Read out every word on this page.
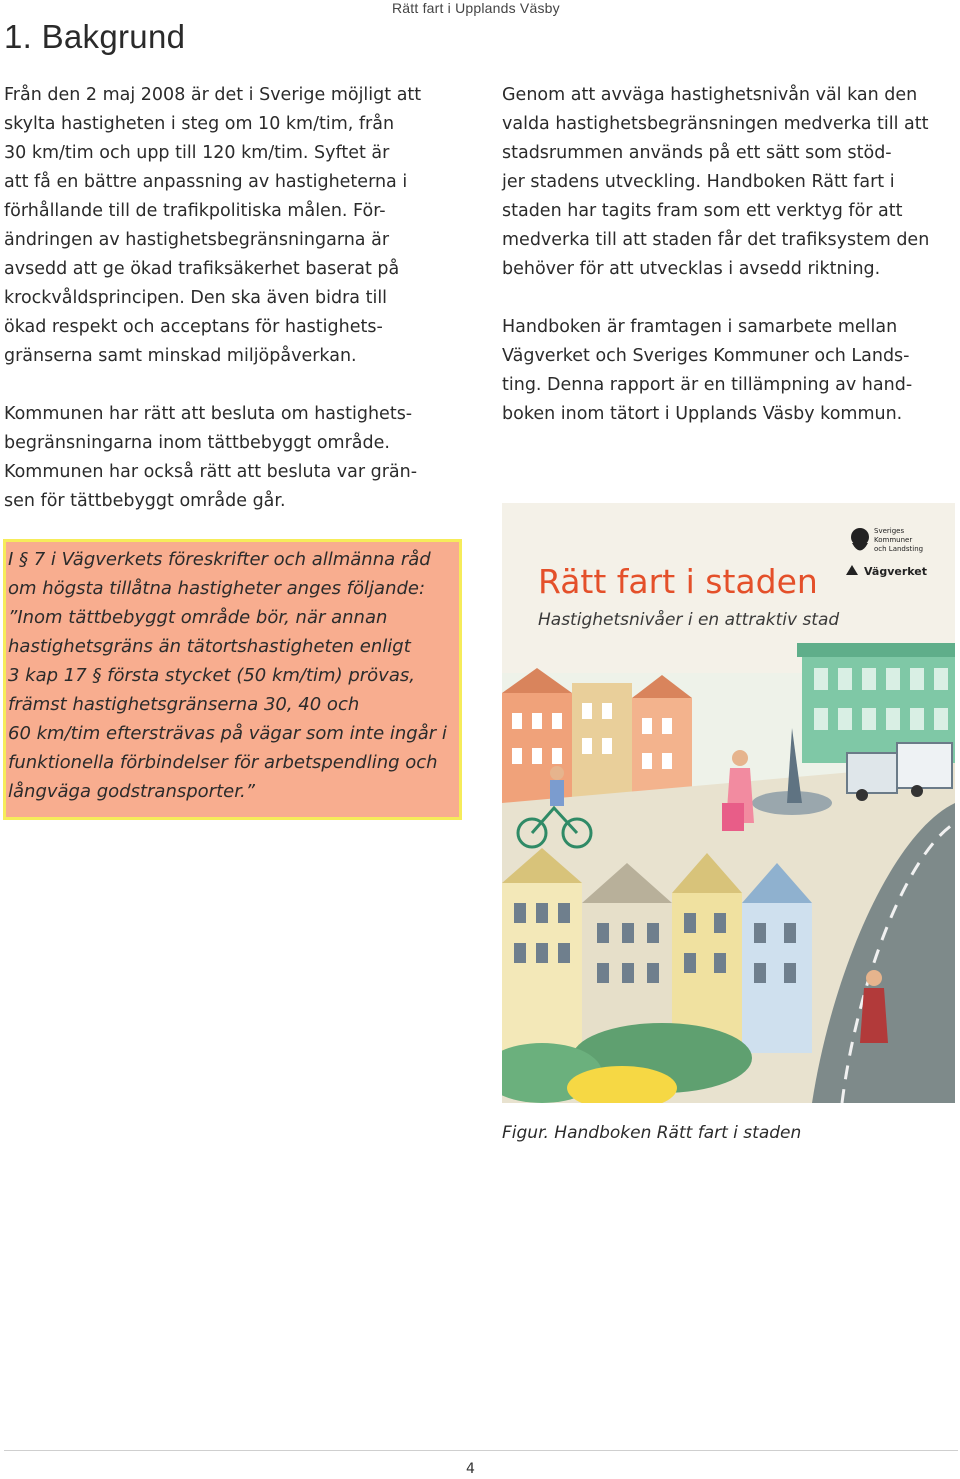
Rätt fart i Upplands Väsby
1. Bakgrund

Från den 2 maj 2008 är det i Sverige möjligt att
skylta hastigheten i steg om 10 km/tim, från
30 km/tim och upp till 120 km/tim. Syftet är
att få en bättre anpassning av hastigheterna i
förhållande till de trafikpolitiska målen. För-
ändringen av hastighetsbegränsningarna är
avsedd att ge ökad trafiksäkerhet baserat på
krockvåldsprincipen. Den ska även bidra till
ökad respekt och acceptans för hastighets-
gränserna samt minskad miljöpåverkan.

Kommunen har rätt att besluta om hastighets-
begränsningarna inom tättbebyggt område.
Kommunen har också rätt att besluta var grän-
sen för tättbebyggt område går.

I § 7 i Vägverkets föreskrifter och allmänna råd
om högsta tillåtna hastigheter anges följande:
”Inom tättbebyggt område bör, när annan
hastighetsgräns än tätortshastigheten enligt
3 kap 17 § första stycket (50 km/tim) prövas,
främst hastighetsgränserna 30, 40 och
60 km/tim eftersträvas på vägar som inte ingår i
funktionella förbindelser för arbetspendling och
långväga godstransporter.”

Genom att avväga hastighetsnivån väl kan den
valda hastighetsbegränsningen medverka till att
stadsrummen används på ett sätt som stöd-
jer stadens utveckling. Handboken Rätt fart i
staden har tagits fram som ett verktyg för att
medverka till att staden får det trafiksystem den
behöver för att utvecklas i avsedd riktning.

Handboken är framtagen i samarbete mellan
Vägverket och Sveriges Kommuner och Lands-
ting. Denna rapport är en tillämpning av hand-
boken inom tätort i Upplands Väsby kommun.

Rätt fart i staden
Hastighetsnivåer i en attraktiv stad
Sveriges
Kommuner
och Landsting
Vägverket
Figur. Handboken Rätt fart i staden
4
